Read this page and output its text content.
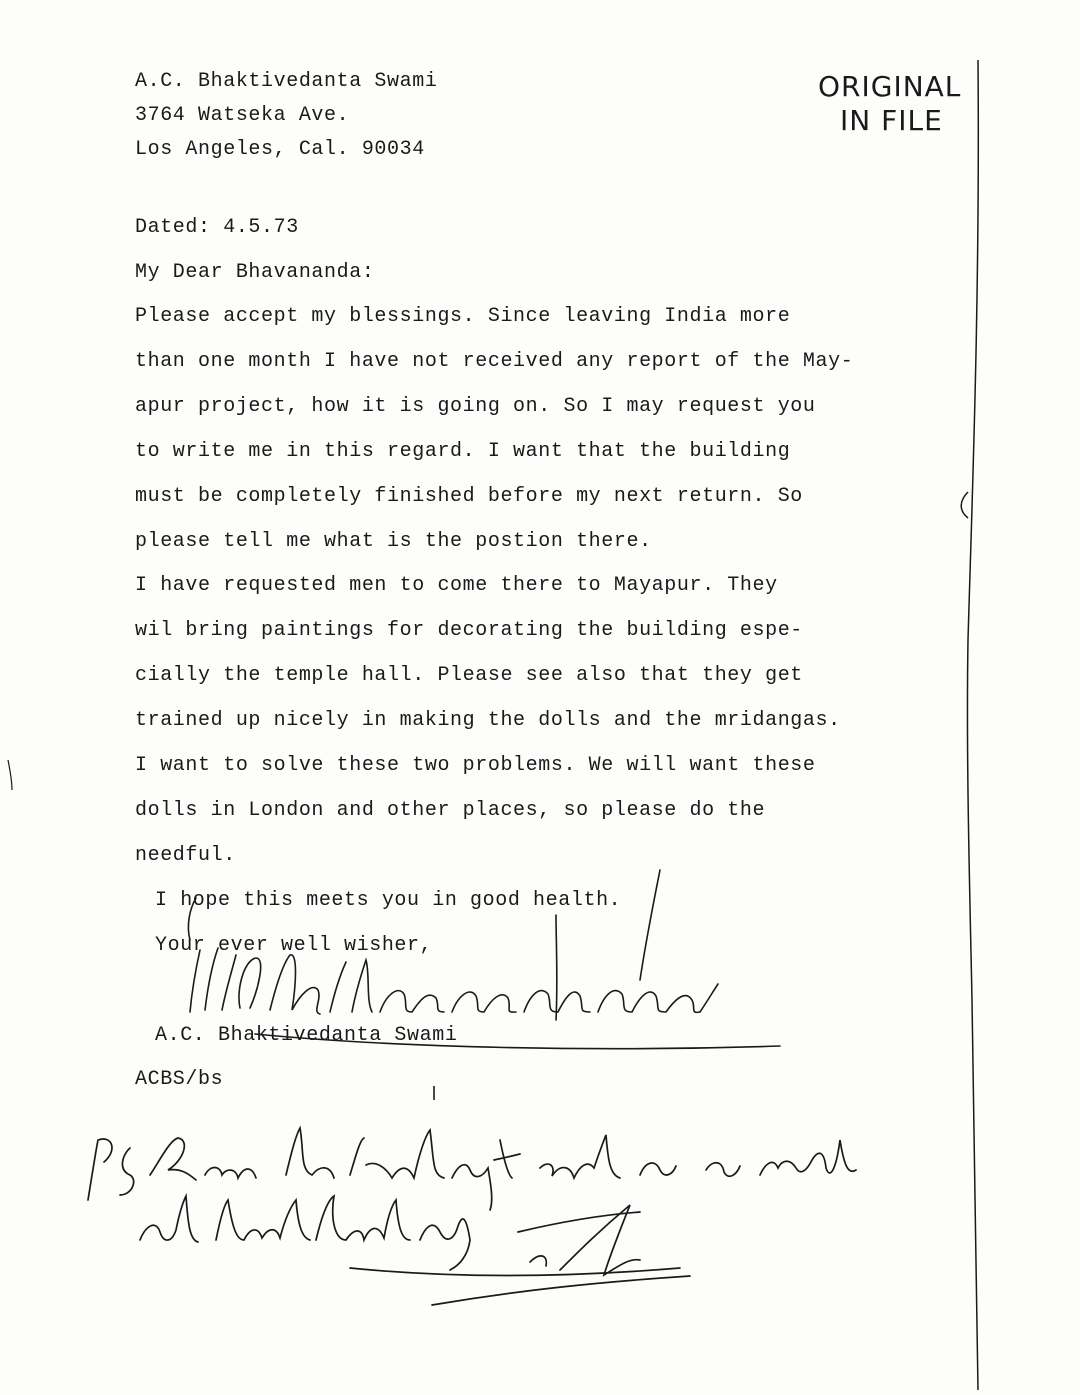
A.C. Bhaktivedanta Swami
3764 Watseka Ave.
Los Angeles, Cal. 90034
ORIGINAL
IN FILE
Dated: 4.5.73
My Dear Bhavananda:
Please accept my blessings. Since leaving India more
than one month I have not received any report of the May-
apur project, how it is going on. So I may request you
to write me in this regard. I want that the building
must be completely finished before my next return. So
please tell me what is the postion there.
I have requested men to come there to Mayapur. They
wil bring paintings for decorating the building espe-
cially the temple hall. Please see also that they get
trained up nicely in making the dolls and the mridangas.
I want to solve these two problems. We will want these
dolls in London and other places, so please do the
needful.
I hope this meets you in good health.
Your ever well wisher,
A.C. Bhaktivedanta Swami
ACBS/bs
